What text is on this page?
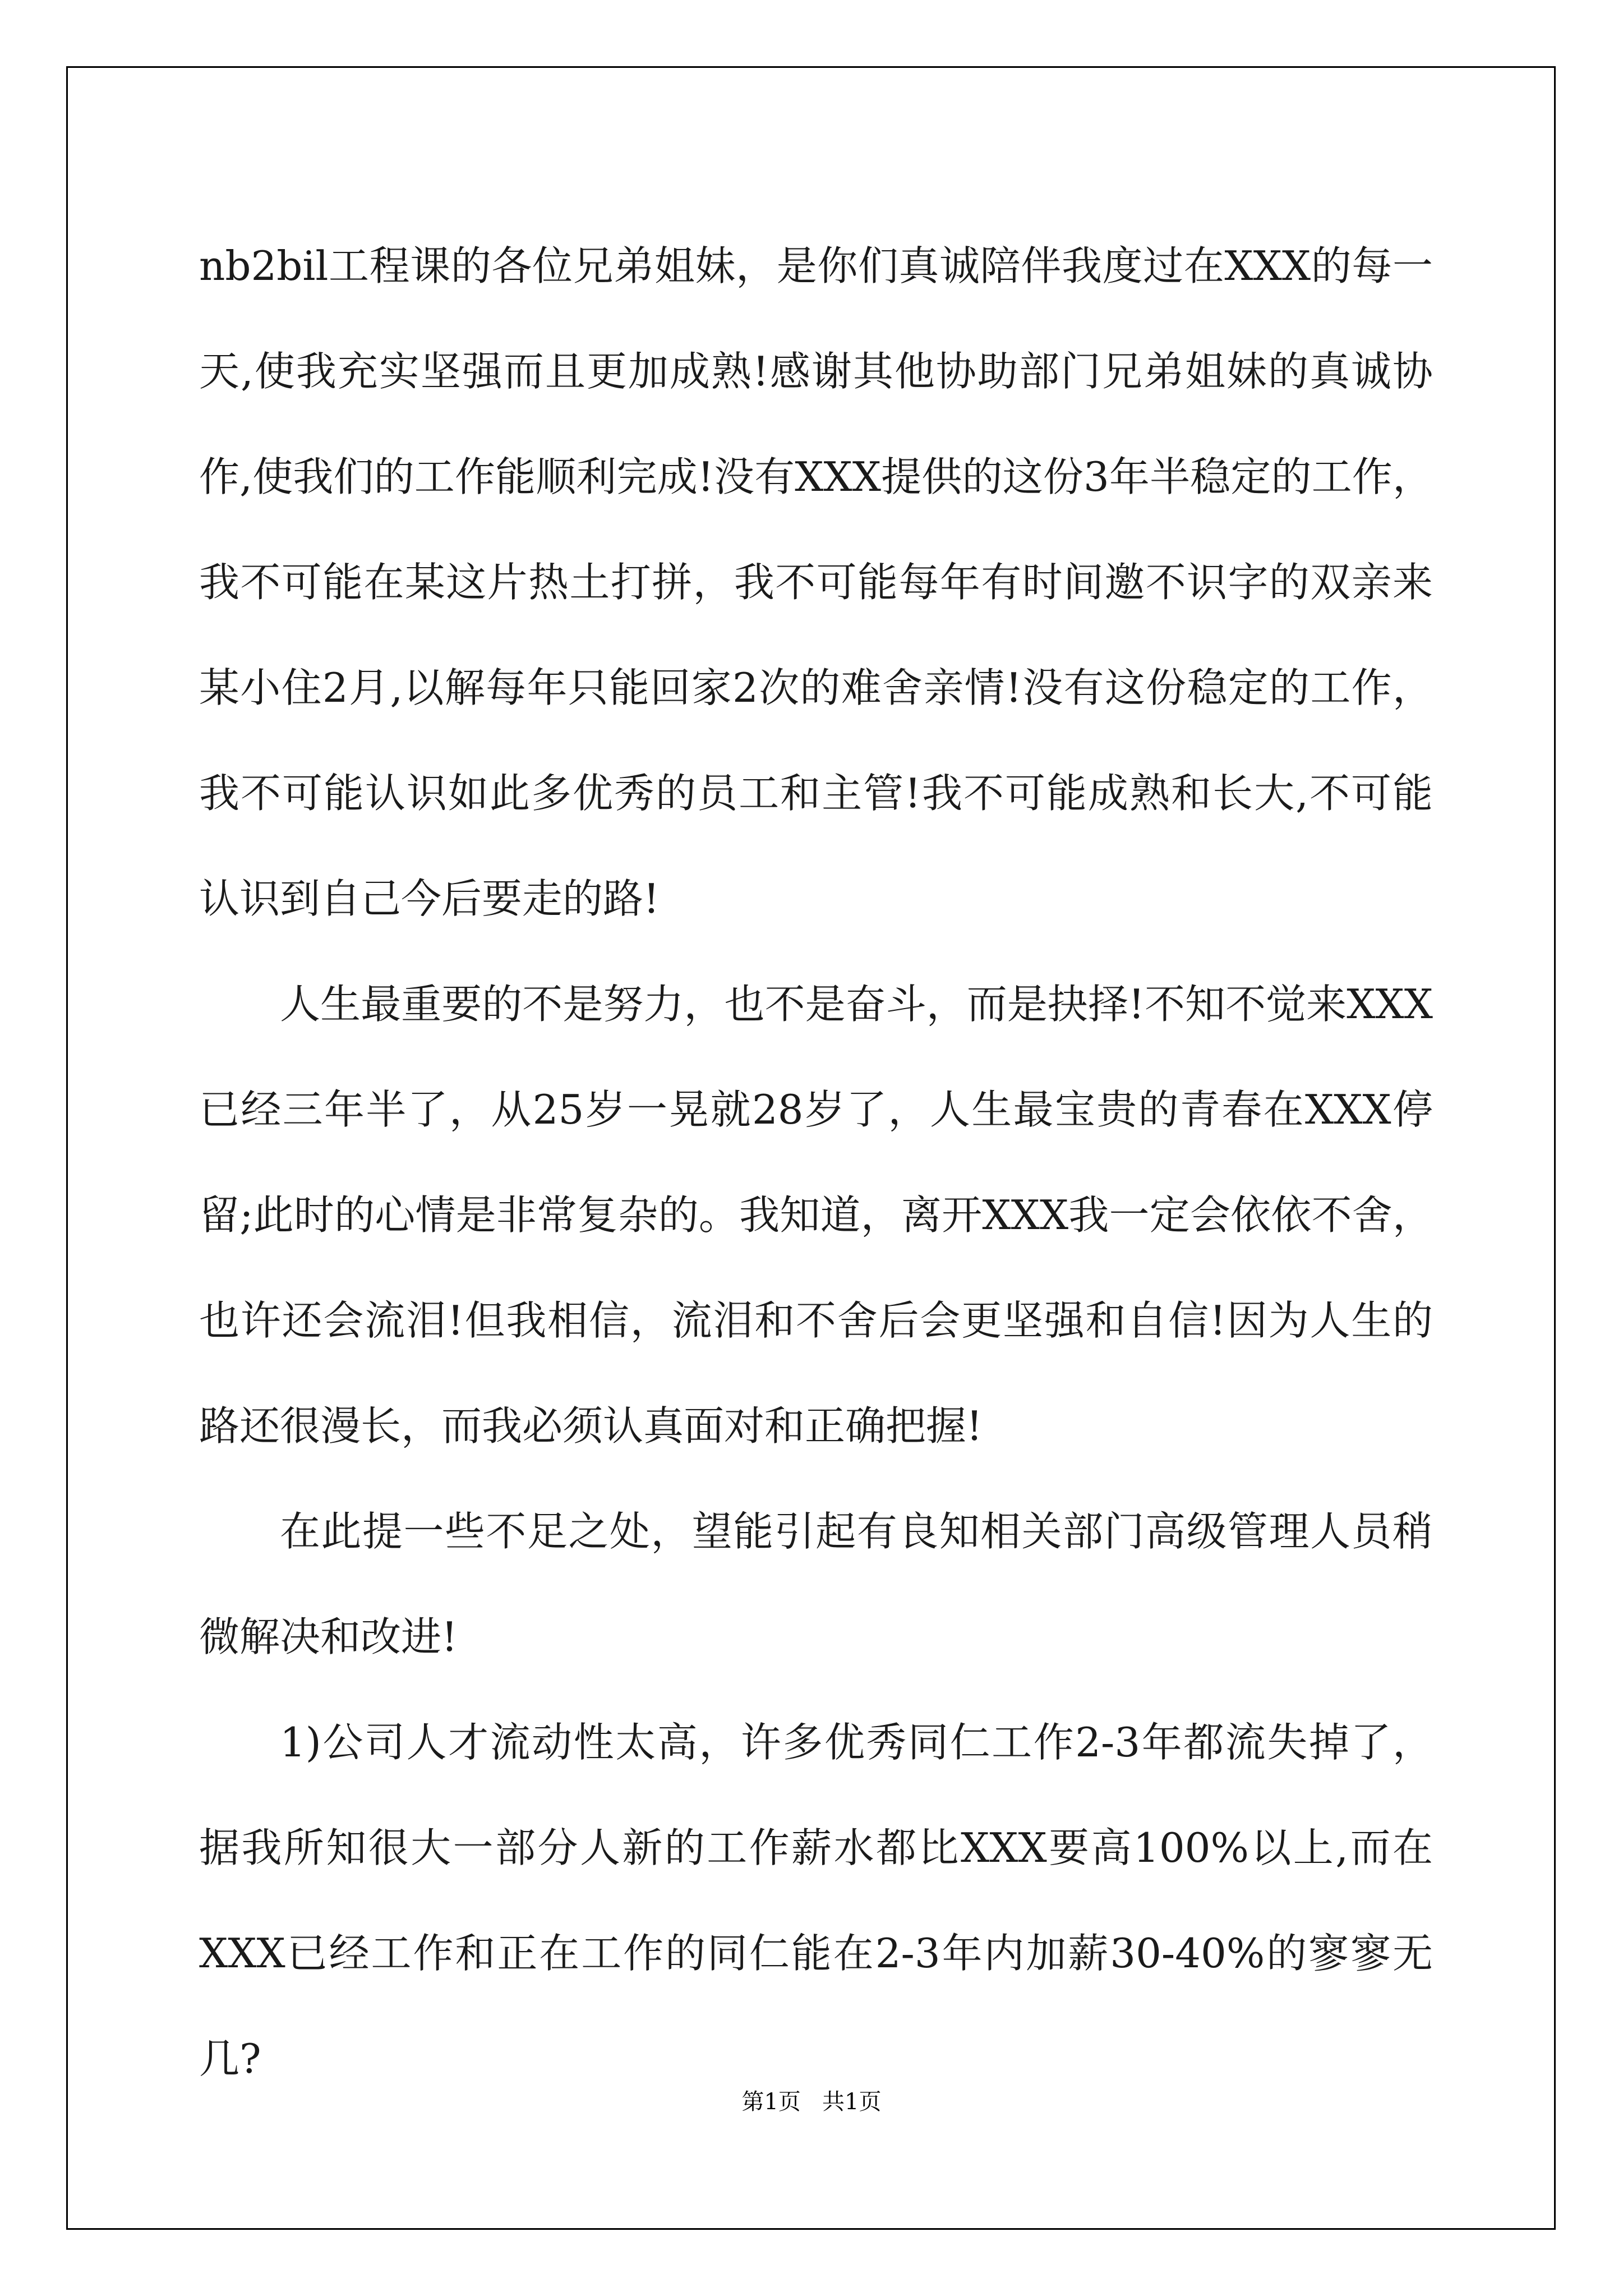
nb2bil工程课的各位兄弟姐妹，是你们真诚陪伴我度过在XXX的每一天,使我充实坚强而且更加成熟!感谢其他协助部门兄弟姐妹的真诚协作,使我们的工作能顺利完成!没有XXX提供的这份3年半稳定的工作，我不可能在某这片热土打拼，我不可能每年有时间邀不识字的双亲来某小住2月,以解每年只能回家2次的难舍亲情!没有这份稳定的工作，我不可能认识如此多优秀的员工和主管!我不可能成熟和长大,不可能认识到自己今后要走的路!

人生最重要的不是努力，也不是奋斗，而是抉择!不知不觉来XXX已经三年半了，从25岁一晃就28岁了，人生最宝贵的青春在XXX停留;此时的心情是非常复杂的。我知道，离开XXX我一定会依依不舍，也许还会流泪!但我相信，流泪和不舍后会更坚强和自信!因为人生的路还很漫长，而我必须认真面对和正确把握!

在此提一些不足之处，望能引起有良知相关部门高级管理人员稍微解决和改进!

1)公司人才流动性太高，许多优秀同仁工作2-3年都流失掉了，据我所知很大一部分人新的工作薪水都比XXX要高100%以上,而在XXX已经工作和正在工作的同仁能在2-3年内加薪30-40%的寥寥无几?

第1页   共1页
